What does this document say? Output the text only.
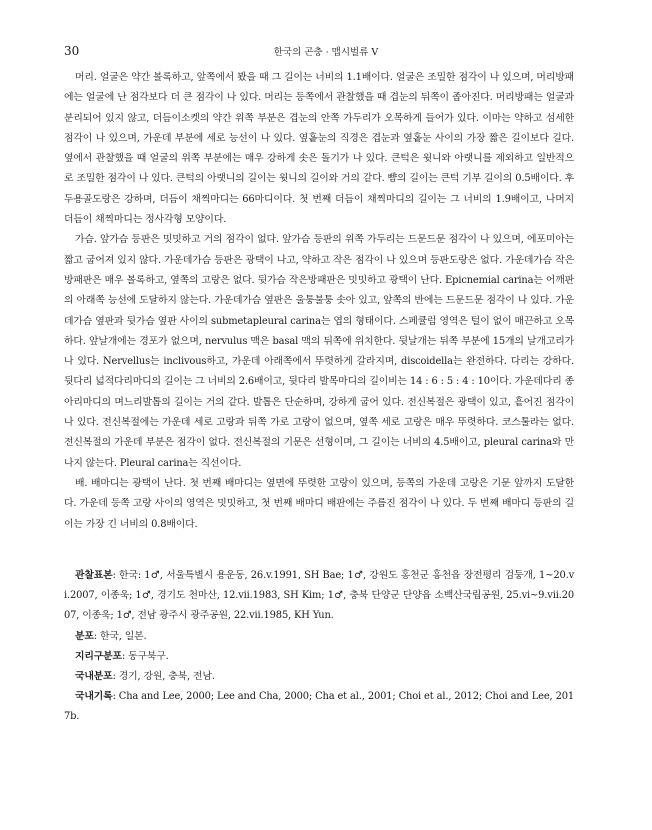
30	한국의 곤충 · 맵시벌류 V

머리. 얼굴은 약간 볼록하고, 앞쪽에서 봤을 때 그 길이는 너비의 1.1배이다. 얼굴은 조밀한 점각이 나 있으며, 머리방패에는 얼굴에 난 점각보다 더 큰 점각이 나 있다. 머리는 등쪽에서 관찰했을 때 겹눈의 뒤쪽이 좁아진다. 머리방패는 얼굴과 분리되어 있지 않고, 더듬이소켓의 약간 위쪽 부분은 겹눈의 안쪽 가두리가 오목하게 들어가 있다. 이마는 약하고 섬세한 점각이 나 있으며, 가운데 부분에 세로 능선이 나 있다. 옆홑눈의 직경은 겹눈과 옆홑눈 사이의 가장 짧은 길이보다 길다. 옆에서 관찰했을 때 얼굴의 위쪽 부분에는 매우 강하게 솟은 돌기가 나 있다. 큰턱은 윗니와 아랫니를 제외하고 일반적으로 조밀한 점각이 나 있다. 큰턱의 아랫니의 길이는 윗니의 길이와 거의 같다. 뺨의 길이는 큰턱 기부 길이의 0.5배이다. 후두용골도랑은 강하며, 더듬이 채찍마디는 66마디이다. 첫 번째 더듬이 채찍마디의 길이는 그 너비의 1.9배이고, 나머지 더듬이 채찍마디는 정사각형 모양이다.

가슴. 앞가슴 등판은 밋밋하고 거의 점각이 없다. 앞가슴 등판의 위쪽 가두리는 드문드문 점각이 나 있으며, 에포미아는 짧고 굽어져 있지 않다. 가운데가슴 등판은 광택이 나고, 약하고 작은 점각이 나 있으며 등판도랑은 없다. 가운데가슴 작은방패판은 매우 볼록하고, 옆쪽의 고랑은 없다. 뒷가슴 작은방패판은 밋밋하고 광택이 난다. Epicnemial carina는 어깨판의 아래쪽 능선에 도달하지 않는다. 가운데가슴 옆판은 울퉁불퉁 솟아 있고, 앞쪽의 반에는 드문드문 점각이 나 있다. 가운데가슴 옆판과 뒷가슴 옆판 사이의 submetapleural carina는 엽의 형태이다. 스페큘럼 영역은 털이 없이 매끈하고 오목하다. 앞날개에는 경포가 없으며, nervulus 맥은 basal 맥의 뒤쪽에 위치한다. 뒷날개는 뒤쪽 부분에 15개의 날개고리가 나 있다. Nervellus는 inclivous하고, 가운데 아래쪽에서 뚜렷하게 갈라지며, discoidella는 완전하다. 다리는 강하다. 뒷다리 넓적다리마디의 길이는 그 너비의 2.6배이고, 뒷다리 발목마디의 길이비는 14 : 6 : 5 : 4 : 10이다. 가운데다리 종아리마디의 며느리발톱의 길이는 거의 같다. 발톱은 단순하며, 강하게 굽어 있다. 전신복절은 광택이 있고, 흩어진 점각이 나 있다. 전신복절에는 가운데 세로 고랑과 뒤쪽 가로 고랑이 없으며, 옆쪽 세로 고랑은 매우 뚜렷하다. 코스툴라는 없다. 전신복절의 가운데 부분은 점각이 없다. 전신복절의 기문은 선형이며, 그 길이는 너비의 4.5배이고, pleural carina와 만나지 않는다. Pleural carina는 직선이다.

배. 배마디는 광택이 난다. 첫 번째 배마디는 옆면에 뚜렷한 고랑이 있으며, 등쪽의 가운데 고랑은 기문 앞까지 도달한다. 가운데 등쪽 고랑 사이의 영역은 밋밋하고, 첫 번째 배마디 배판에는 주름진 점각이 나 있다. 두 번째 배마디 등판의 길이는 가장 긴 너비의 0.8배이다.

관찰표본: 한국: 1♂, 서울특별시 용운동, 26.v.1991, SH Bae; 1♂, 강원도 홍천군 홍천읍 장전평리 검둥개, 1~20.vi.2007, 이종욱; 1♂, 경기도 천마산, 12.vii.1983, SH Kim; 1♂, 충북 단양군 단양읍 소백산국립공원, 25.vi~9.vii.2007, 이종욱; 1♂, 전남 광주시 광주공원, 22.vii.1985, KH Yun.

분포: 한국, 일본.

지리구분포: 동구북구.

국내분포: 경기, 강원, 충북, 전남.

국내기록: Cha and Lee, 2000; Lee and Cha, 2000; Cha et al., 2001; Choi et al., 2012; Choi and Lee, 2017b.
